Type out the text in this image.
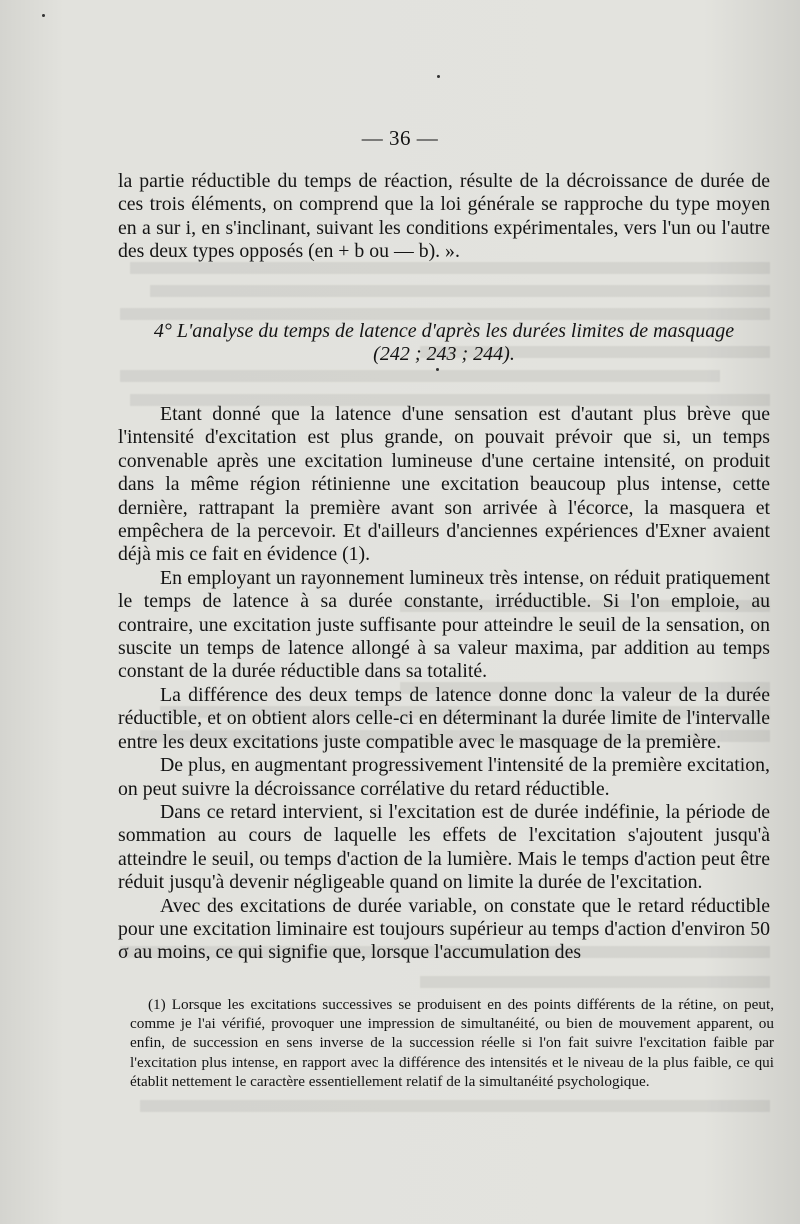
— 36 —

la partie réductible du temps de réaction, résulte de la décroissance de durée de ces trois éléments, on comprend que la loi générale se rapproche du type moyen en a sur i, en s'inclinant, suivant les conditions expérimentales, vers l'un ou l'autre des deux types opposés (en + b ou — b). ».

4° L'analyse du temps de latence d'après les durées limites de masquage
(242 ; 243 ; 244).

Etant donné que la latence d'une sensation est d'autant plus brève que l'intensité d'excitation est plus grande, on pouvait prévoir que si, un temps convenable après une excitation lumineuse d'une certaine intensité, on produit dans la même région rétinienne une excitation beaucoup plus intense, cette dernière, rattrapant la première avant son arrivée à l'écorce, la masquera et empêchera de la percevoir. Et d'ailleurs d'anciennes expériences d'Exner avaient déjà mis ce fait en évidence (1).

En employant un rayonnement lumineux très intense, on réduit pratiquement le temps de latence à sa durée constante, irréductible. Si l'on emploie, au contraire, une excitation juste suffisante pour atteindre le seuil de la sensation, on suscite un temps de latence allongé à sa valeur maxima, par addition au temps constant de la durée réductible dans sa totalité.

La différence des deux temps de latence donne donc la valeur de la durée réductible, et on obtient alors celle-ci en déterminant la durée limite de l'intervalle entre les deux excitations juste compatible avec le masquage de la première.

De plus, en augmentant progressivement l'intensité de la première excitation, on peut suivre la décroissance corrélative du retard réductible.

Dans ce retard intervient, si l'excitation est de durée indéfinie, la période de sommation au cours de laquelle les effets de l'excitation s'ajoutent jusqu'à atteindre le seuil, ou temps d'action de la lumière. Mais le temps d'action peut être réduit jusqu'à devenir négligeable quand on limite la durée de l'excitation.

Avec des excitations de durée variable, on constate que le retard réductible pour une excitation liminaire est toujours supérieur au temps d'action d'environ 50 σ au moins, ce qui signifie que, lorsque l'accumulation des

(1) Lorsque les excitations successives se produisent en des points différents de la rétine, on peut, comme je l'ai vérifié, provoquer une impression de simultanéité, ou bien de mouvement apparent, ou enfin, de succession en sens inverse de la succession réelle si l'on fait suivre l'excitation faible par l'excitation plus intense, en rapport avec la différence des intensités et le niveau de la plus faible, ce qui établit nettement le caractère essentiellement relatif de la simultanéité psychologique.
